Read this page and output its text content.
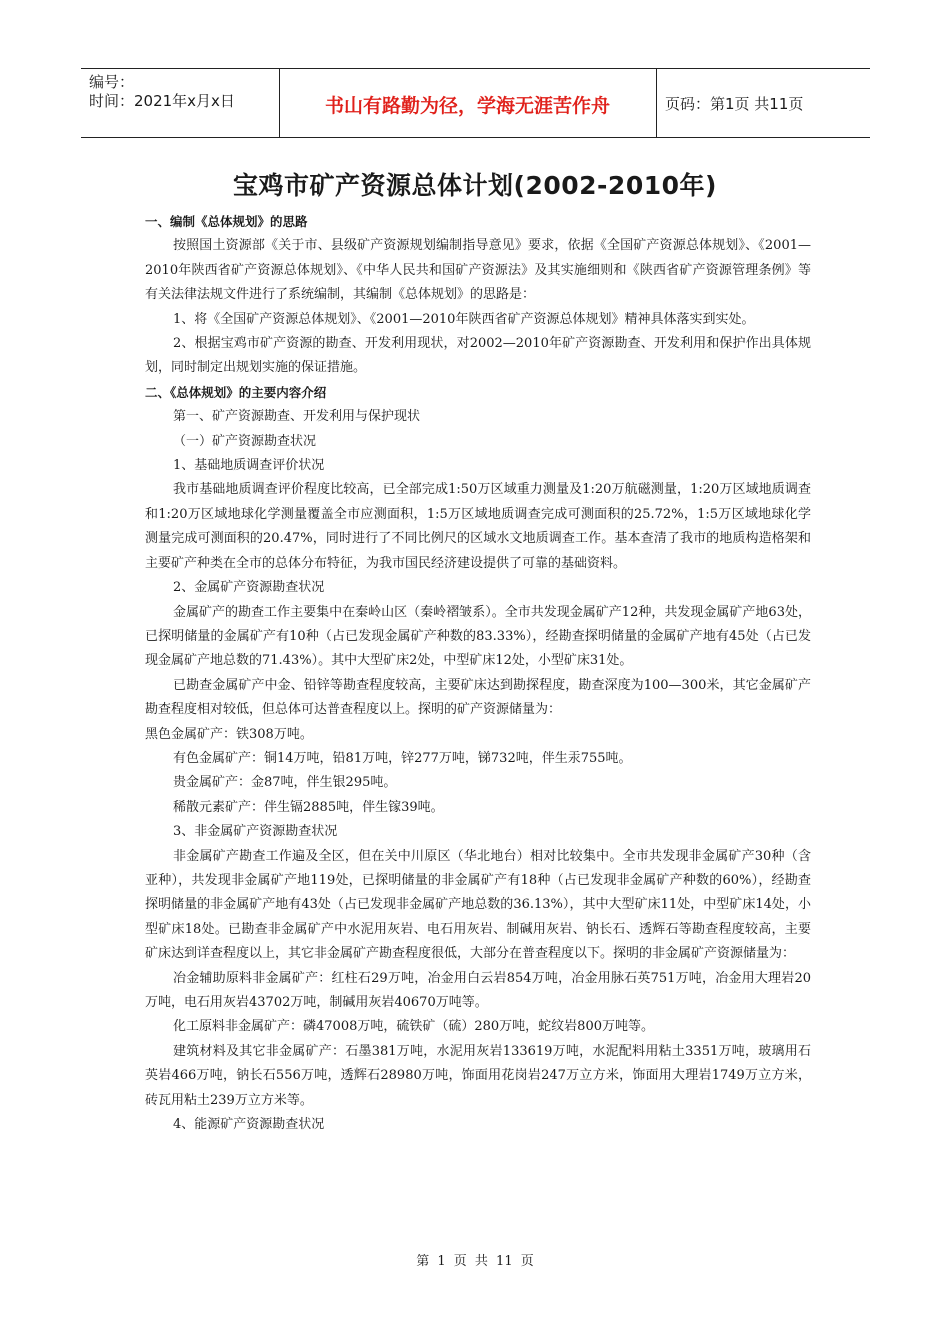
编号：
时间：2021年x月x日	书山有路勤为径，学海无涯苦作舟	页码：第1页 共11页
宝鸡市矿产资源总体计划(2002-2010年)

一、编制《总体规划》的思路

按照国土资源部《关于市、县级矿产资源规划编制指导意见》要求，依据《全国矿产资源总体规划》、《2001—2010年陕西省矿产资源总体规划》、《中华人民共和国矿产资源法》及其实施细则和《陕西省矿产资源管理条例》等有关法律法规文件进行了系统编制，其编制《总体规划》的思路是：

1、将《全国矿产资源总体规划》、《2001—2010年陕西省矿产资源总体规划》精神具体落实到实处。

2、根据宝鸡市矿产资源的勘查、开发利用现状，对2002—2010年矿产资源勘查、开发利用和保护作出具体规划，同时制定出规划实施的保证措施。

二、《总体规划》的主要内容介绍

第一、矿产资源勘查、开发利用与保护现状

（一）矿产资源勘查状况

1、基础地质调查评价状况

我市基础地质调查评价程度比较高，已全部完成1:50万区域重力测量及1:20万航磁测量，1:20万区域地质调查和1:20万区域地球化学测量覆盖全市应测面积，1:5万区域地质调查完成可测面积的25.72%，1:5万区域地球化学测量完成可测面积的20.47%，同时进行了不同比例尺的区域水文地质调查工作。基本查清了我市的地质构造格架和主要矿产种类在全市的总体分布特征，为我市国民经济建设提供了可靠的基础资料。

2、金属矿产资源勘查状况

金属矿产的勘查工作主要集中在秦岭山区（秦岭褶皱系）。全市共发现金属矿产12种，共发现金属矿产地63处，已探明储量的金属矿产有10种（占已发现金属矿产种数的83.33%），经勘查探明储量的金属矿产地有45处（占已发现金属矿产地总数的71.43%）。其中大型矿床2处，中型矿床12处，小型矿床31处。

已勘查金属矿产中金、铅锌等勘查程度较高，主要矿床达到勘探程度，勘查深度为100—300米，其它金属矿产勘查程度相对较低，但总体可达普查程度以上。探明的矿产资源储量为：

黑色金属矿产：铁308万吨。

有色金属矿产：铜14万吨，铅81万吨，锌277万吨，锑732吨，伴生汞755吨。

贵金属矿产：金87吨，伴生银295吨。

稀散元素矿产：伴生镉2885吨，伴生镓39吨。

3、非金属矿产资源勘查状况

非金属矿产勘查工作遍及全区，但在关中川原区（华北地台）相对比较集中。全市共发现非金属矿产30种（含亚种），共发现非金属矿产地119处，已探明储量的非金属矿产有18种（占已发现非金属矿产种数的60%），经勘查探明储量的非金属矿产地有43处（占已发现非金属矿产地总数的36.13%），其中大型矿床11处，中型矿床14处，小型矿床18处。已勘查非金属矿产中水泥用灰岩、电石用灰岩、制碱用灰岩、钠长石、透辉石等勘查程度较高，主要矿床达到详查程度以上，其它非金属矿产勘查程度很低，大部分在普查程度以下。探明的非金属矿产资源储量为：

冶金辅助原料非金属矿产：红柱石29万吨，冶金用白云岩854万吨，冶金用脉石英751万吨，冶金用大理岩20万吨，电石用灰岩43702万吨，制碱用灰岩40670万吨等。

化工原料非金属矿产：磷47008万吨，硫铁矿（硫）280万吨，蛇纹岩800万吨等。

建筑材料及其它非金属矿产：石墨381万吨，水泥用灰岩133619万吨，水泥配料用粘土3351万吨，玻璃用石英岩466万吨，钠长石556万吨，透辉石28980万吨，饰面用花岗岩247万立方米，饰面用大理岩1749万立方米，砖瓦用粘土239万立方米等。

4、能源矿产资源勘查状况

第 1 页 共 11 页
